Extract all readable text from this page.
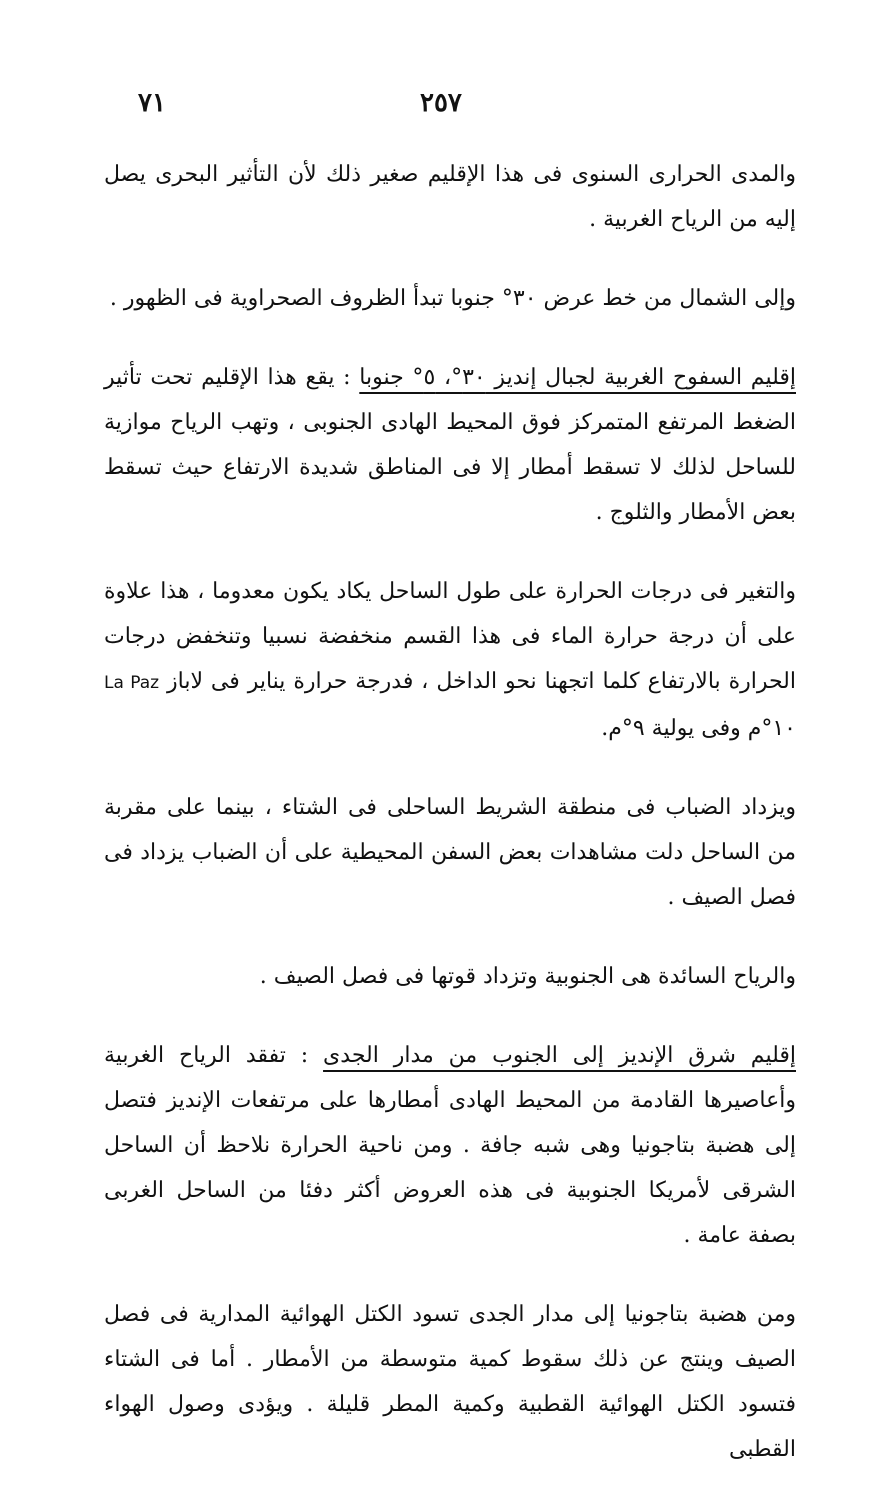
٧١	٢٥٧

والمدى الحرارى السنوى فى هذا الإقليم صغير ذلك لأن التأثير البحرى يصل إليه من الرياح الغربية .

وإلى الشمال من خط عرض ٣٠° جنوبا تبدأ الظروف الصحراوية فى الظهور .

إقليم السفوح الغربية لجبال إنديز ٣٠°، ٥° جنوبا : يقع هذا الإقليم تحت تأثير الضغط المرتفع المتمركز فوق المحيط الهادى الجنوبى ، وتهب الرياح موازية للساحل لذلك لا تسقط أمطار إلا فى المناطق شديدة الارتفاع حيث تسقط بعض الأمطار والثلوج .

والتغير فى درجات الحرارة على طول الساحل يكاد يكون معدوما ، هذا علاوة على أن درجة حرارة الماء فى هذا القسم منخفضة نسبيا وتنخفض درجات الحرارة بالارتفاع كلما اتجهنا نحو الداخل ، فدرجة حرارة يناير فى لاباز La Paz ١٠°م وفى يولية ٩°م.

ويزداد الضباب فى منطقة الشريط الساحلى فى الشتاء ، بينما على مقربة من الساحل دلت مشاهدات بعض السفن المحيطية على أن الضباب يزداد فى فصل الصيف .

والرياح السائدة هى الجنوبية وتزداد قوتها فى فصل الصيف .

إقليم شرق الإنديز إلى الجنوب من مدار الجدى : تفقد الرياح الغربية وأعاصيرها القادمة من المحيط الهادى أمطارها على مرتفعات الإنديز فتصل إلى هضبة بتاجونيا وهى شبه جافة . ومن ناحية الحرارة نلاحظ أن الساحل الشرقى لأمريكا الجنوبية فى هذه العروض أكثر دفئا من الساحل الغربى بصفة عامة .

ومن هضبة بتاجونيا إلى مدار الجدى تسود الكتل الهوائية المدارية فى فصل الصيف وينتج عن ذلك سقوط كمية متوسطة من الأمطار . أما فى الشتاء فتسود الكتل الهوائية القطبية وكمية المطر قليلة . ويؤدى وصول الهواء القطبى
